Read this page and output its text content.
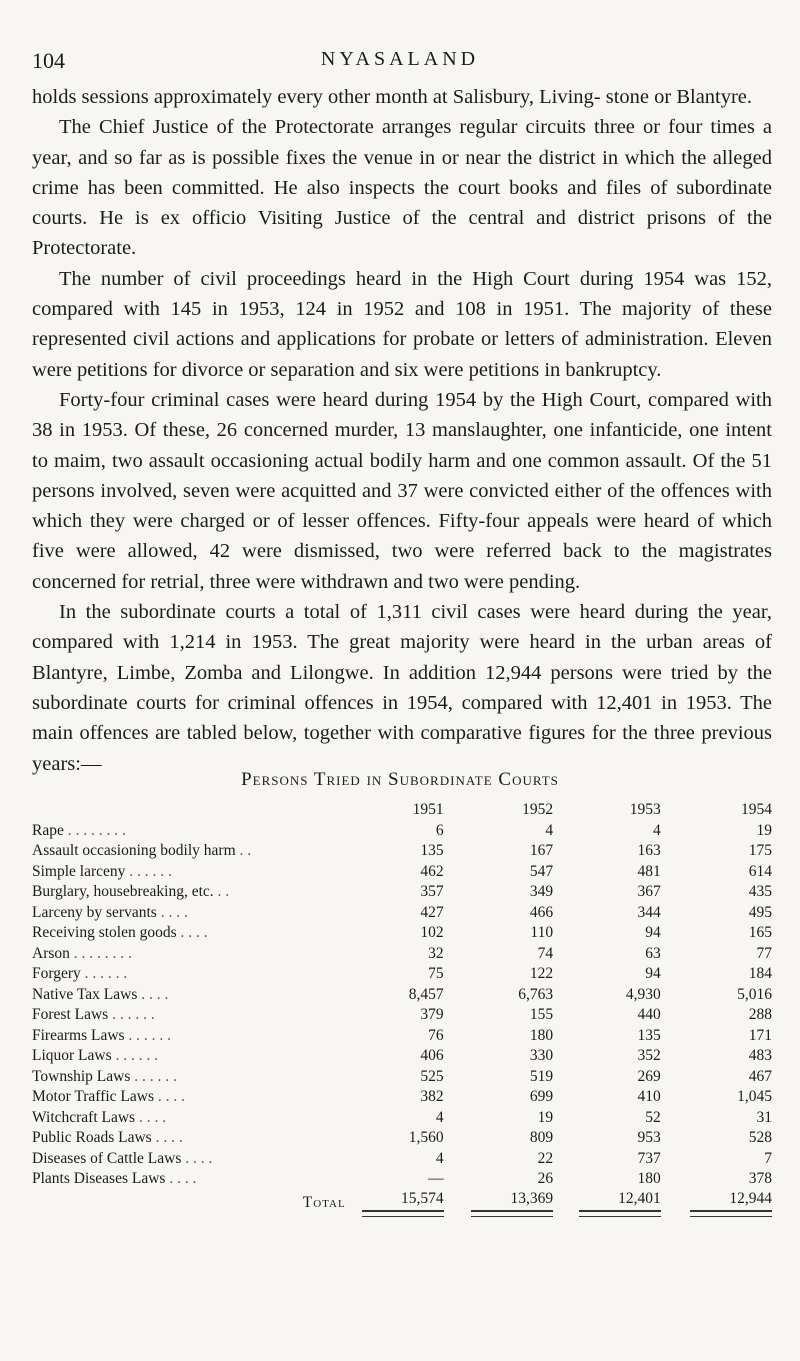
104	NYASALAND

holds sessions approximately every other month at Salisbury, Living- stone or Blantyre.

The Chief Justice of the Protectorate arranges regular circuits three or four times a year, and so far as is possible fixes the venue in or near the district in which the alleged crime has been committed. He also inspects the court books and files of subordinate courts. He is ex officio Visiting Justice of the central and district prisons of the Protectorate.

The number of civil proceedings heard in the High Court during 1954 was 152, compared with 145 in 1953, 124 in 1952 and 108 in 1951. The majority of these represented civil actions and applications for probate or letters of administration. Eleven were petitions for divorce or separation and six were petitions in bankruptcy.

Forty-four criminal cases were heard during 1954 by the High Court, compared with 38 in 1953. Of these, 26 concerned murder, 13 manslaughter, one infanticide, one intent to maim, two assault occasioning actual bodily harm and one common assault. Of the 51 persons involved, seven were acquitted and 37 were convicted either of the offences with which they were charged or of lesser offences. Fifty-four appeals were heard of which five were allowed, 42 were dismissed, two were referred back to the magistrates concerned for retrial, three were withdrawn and two were pending.

In the subordinate courts a total of 1,311 civil cases were heard during the year, compared with 1,214 in 1953. The great majority were heard in the urban areas of Blantyre, Limbe, Zomba and Lilongwe. In addition 12,944 persons were tried by the subordinate courts for criminal offences in 1954, compared with 12,401 in 1953. The main offences are tabled below, together with comparative figures for the three previous years:—

Persons Tried in Subordinate Courts
	1951	1952	1953	1954
Rape . . . . . . . .	6	4	4	19
Assault occasioning bodily harm . .	135	167	163	175
Simple larceny . . . . . .	462	547	481	614
Burglary, housebreaking, etc. . .	357	349	367	435
Larceny by servants . . . .	427	466	344	495
Receiving stolen goods . . . .	102	110	94	165
Arson . . . . . . . .	32	74	63	77
Forgery . . . . . .	75	122	94	184
Native Tax Laws . . . .	8,457	6,763	4,930	5,016
Forest Laws . . . . . .	379	155	440	288
Firearms Laws . . . . . .	76	180	135	171
Liquor Laws . . . . . .	406	330	352	483
Township Laws . . . . . .	525	519	269	467
Motor Traffic Laws . . . .	382	699	410	1,045
Witchcraft Laws . . . .	4	19	52	31
Public Roads Laws . . . .	1,560	809	953	528
Diseases of Cattle Laws . . . .	4	22	737	7
Plants Diseases Laws . . . .	—	26	180	378
Total	15,574	13,369	12,401	12,944
